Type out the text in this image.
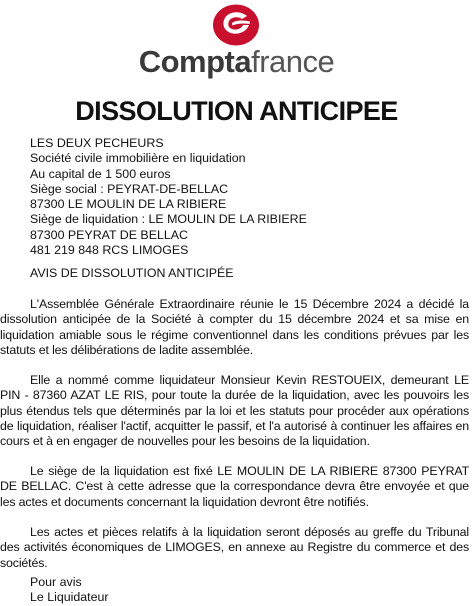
Comptafrance
DISSOLUTION ANTICIPEE
LES DEUX PECHEURS
Société civile immobilière en liquidation
Au capital de 1 500 euros
Siège social : PEYRAT-DE-BELLAC
87300 LE MOULIN DE LA RIBIERE
Siège de liquidation : LE MOULIN DE LA RIBIERE
87300 PEYRAT DE BELLAC
481 219 848 RCS LIMOGES
AVIS DE DISSOLUTION ANTICIPÉE

L'Assemblée Générale Extraordinaire réunie le 15 Décembre 2024 a décidé la dissolution anticipée de la Société à compter du 15 décembre 2024 et sa mise en liquidation amiable sous le régime conventionnel dans les conditions prévues par les statuts et les délibérations de ladite assemblée.

Elle a nommé comme liquidateur Monsieur Kevin RESTOUEIX, demeurant LE PIN - 87360 AZAT LE RIS, pour toute la durée de la liquidation, avec les pouvoirs les plus étendus tels que déterminés par la loi et les statuts pour procéder aux opérations de liquidation, réaliser l'actif, acquitter le passif, et l'a autorisé à continuer les affaires en cours et à en engager de nouvelles pour les besoins de la liquidation.

Le siège de la liquidation est fixé LE MOULIN DE LA RIBIERE 87300 PEYRAT DE BELLAC. C'est à cette adresse que la correspondance devra être envoyée et que les actes et documents concernant la liquidation devront être notifiés.

Les actes et pièces relatifs à la liquidation seront déposés au greffe du Tribunal des activités économiques de LIMOGES, en annexe au Registre du commerce et des sociétés.

Pour avis
Le Liquidateur
